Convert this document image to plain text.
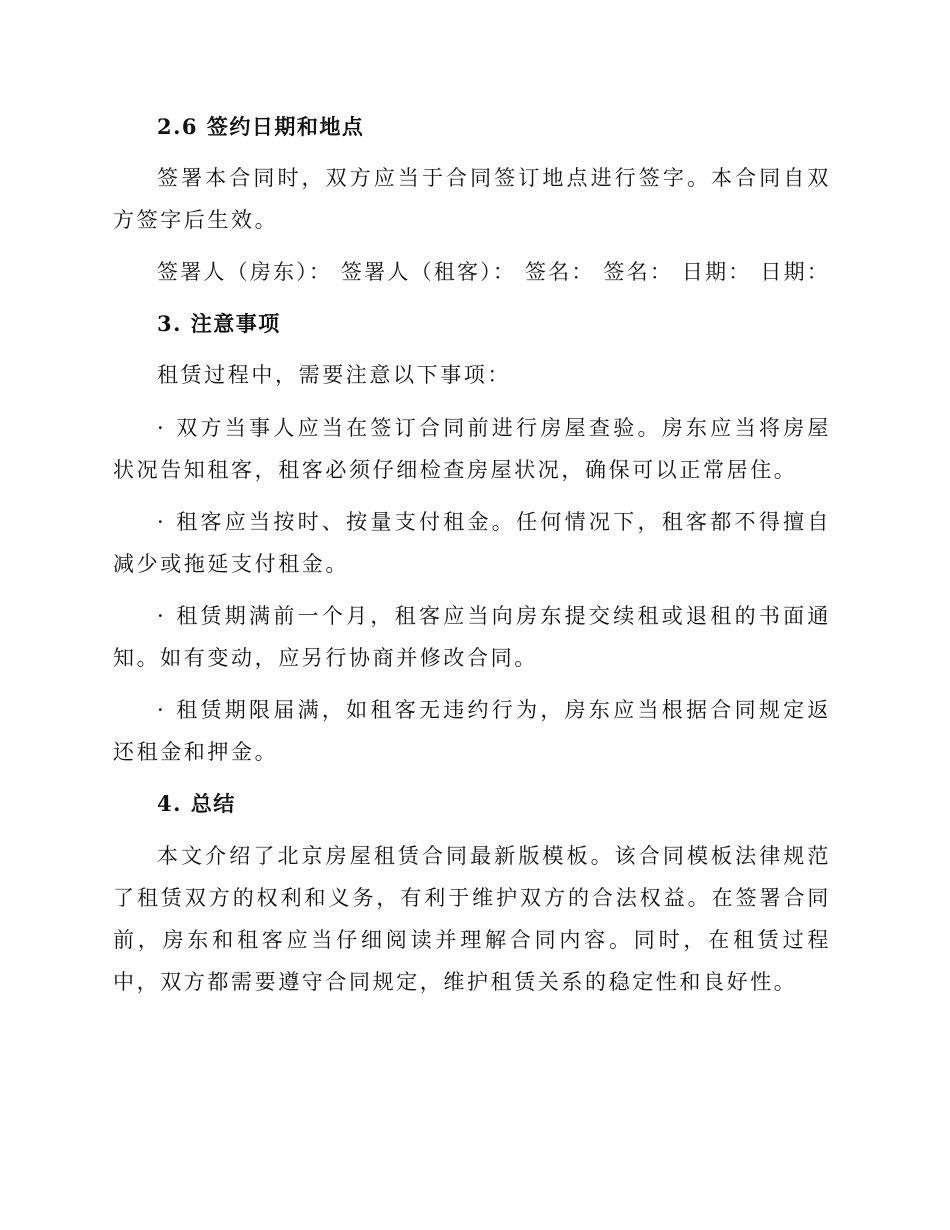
2.6 签约日期和地点

签署本合同时，双方应当于合同签订地点进行签字。本合同自双方签字后生效。

签署人（房东）： 签署人（租客）： 签名： 签名： 日期： 日期：

3. 注意事项

租赁过程中，需要注意以下事项：

· 双方当事人应当在签订合同前进行房屋查验。房东应当将房屋状况告知租客，租客必须仔细检查房屋状况，确保可以正常居住。

· 租客应当按时、按量支付租金。任何情况下，租客都不得擅自减少或拖延支付租金。

· 租赁期满前一个月，租客应当向房东提交续租或退租的书面通知。如有变动，应另行协商并修改合同。

· 租赁期限届满，如租客无违约行为，房东应当根据合同规定返还租金和押金。

4. 总结

本文介绍了北京房屋租赁合同最新版模板。该合同模板法律规范了租赁双方的权利和义务，有利于维护双方的合法权益。在签署合同前，房东和租客应当仔细阅读并理解合同内容。同时，在租赁过程中，双方都需要遵守合同规定，维护租赁关系的稳定性和良好性。
